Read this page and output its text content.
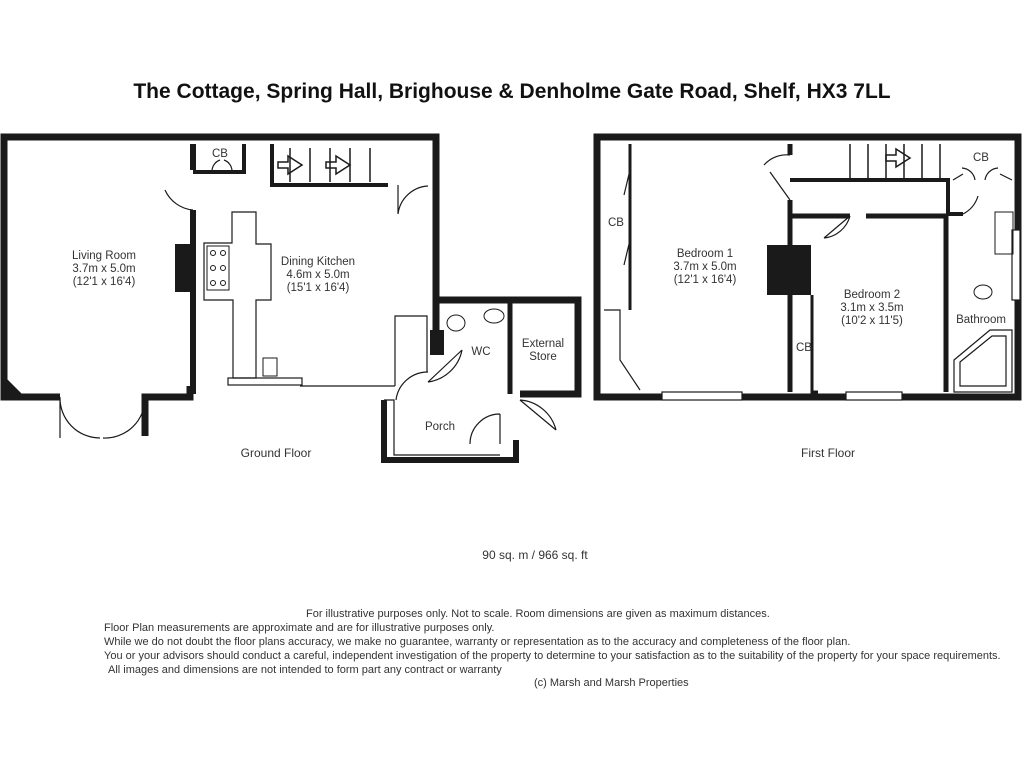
The Cottage, Spring Hall, Brighouse & Denholme Gate Road, Shelf, HX3 7LL
Living Room
3.7m x 5.0m
(12'1 x 16'4)
Dining Kitchen
4.6m x 5.0m
(15'1 x 16'4)
CB
WC
External
Store
Porch
Ground Floor
CB
Bedroom 1
3.7m x 5.0m
(12'1 x 16'4)
Bedroom 2
3.1m x 3.5m
(10'2 x 11'5)
CB
CB
Bathroom
First Floor
90 sq. m / 966 sq. ft
For illustrative purposes only. Not to scale. Room dimensions are given as maximum distances.
Floor Plan measurements are approximate and are for illustrative purposes only.
While we do not doubt the floor plans accuracy, we make no guarantee, warranty or representation as to the accuracy and completeness of the floor plan.
You or your advisors should conduct a careful, independent investigation of the property to determine to your satisfaction as to the suitability of the property for your space requirements.
All images and dimensions are not intended to form part any contract or warranty
(c) Marsh and Marsh Properties
